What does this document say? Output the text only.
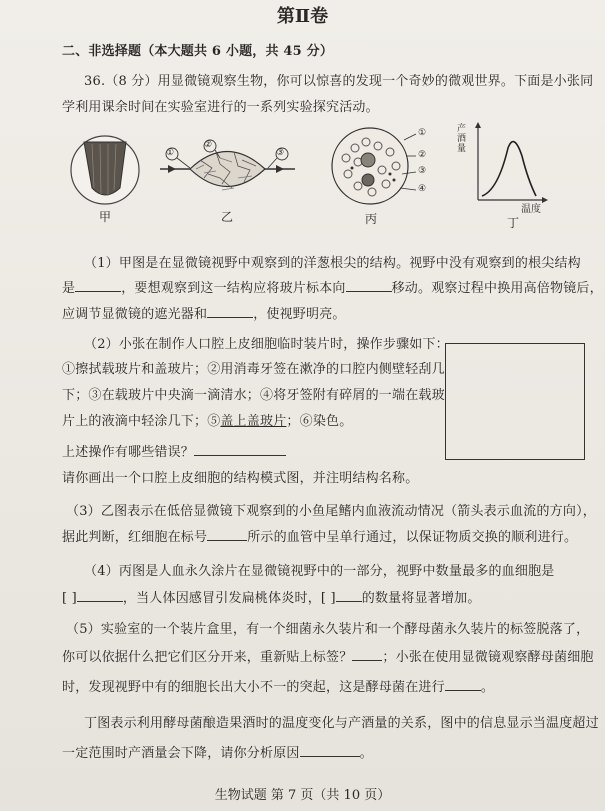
第Ⅱ卷
二、非选择题（本大题共 6 小题，共 45 分）
36.（8 分）用显微镜观察生物，你可以惊喜的发现一个奇妙的微观世界。下面是小张同
学利用课余时间在实验室进行的一系列实验探究活动。
甲
①
②
③
乙
①
②
③
④
丙
产酒量
温度
丁
（1）甲图是在显微镜视野中观察到的洋葱根尖的结构。视野中没有观察到的根尖结构
是	，要想观察到这一结构应将玻片标本向	移动。观察过程中换用高倍物镜后，
应调节显微镜的遮光器和	，使视野明亮。
（2）小张在制作人口腔上皮细胞临时装片时，操作步骤如下：
①擦拭载玻片和盖玻片；②用消毒牙签在漱净的口腔内侧壁轻刮几
下；③在载玻片中央滴一滴清水；④将牙签附有碎屑的一端在载玻
片上的液滴中轻涂几下；⑤盖上盖玻片；⑥染色。
上述操作有哪些错误？
请你画出一个口腔上皮细胞的结构模式图，并注明结构名称。
（3）乙图表示在低倍显微镜下观察到的小鱼尾鳍内血液流动情况（箭头表示血流的方向），
据此判断，红细胞在标号	所示的血管中呈单行通过，以保证物质交换的顺利进行。
（4）丙图是人血永久涂片在显微镜视野中的一部分，视野中数量最多的血细胞是
[ ]	，当人体因感冒引发扁桃体炎时，[ ] 的数量将显著增加。
（5）实验室的一个装片盒里，有一个细菌永久装片和一个酵母菌永久装片的标签脱落了，
你可以依据什么把它们区分开来，重新贴上标签？ ；小张在使用显微镜观察酵母菌细胞
时，发现视野中有的细胞长出大小不一的突起，这是酵母菌在进行	。
丁图表示利用酵母菌酿造果酒时的温度变化与产酒量的关系，图中的信息显示当温度超过
一定范围时产酒量会下降，请你分析原因	。
生物试题 第 7 页（共 10 页）
